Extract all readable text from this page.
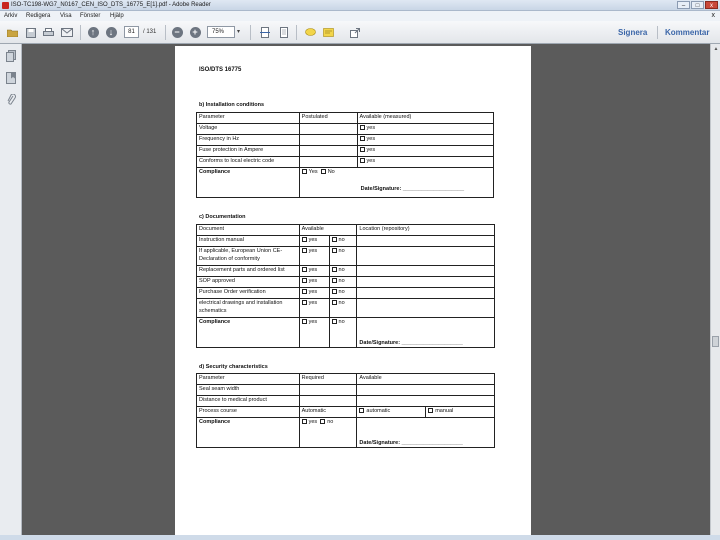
ISO-TC198-WG7_N0167_CEN_ISO_DTS_16775_E[1].pdf - Adobe Reader	–	□	x
Arkiv Redigera Visa Fönster Hjälp	x
↑	↓	81	/ 131	−	+	75%	▾	Signera Kommentar
ISO/DTS 16775
b) Installation conditions
Parameter	Postulated	Available (measured)
Voltage		yes
Frequency in Hz		yes
Fuse protection in Ampere		yes
Conforms to local electric code		yes
Compliance	Yes No
Date/Signature: ____________________	
c) Documentation
Document	Available		Location (repository)
Instruction manual	yes	no	
If applicable, European Union CE-Declaration of conformity	yes	no	
Replacement parts and ordered list	yes	no	
SOP approved	yes	no	
Purchase Order verification	yes	no	
electrical drawings and installation schematics	yes	no	
Compliance	yes	no	Date/Signature: ____________________
d) Security characteristics
Parameter	Required	Available	
Seal seam width			
Distance to medical product			
Process course	Automatic	automatic	manual
Compliance	yes no	Date/Signature: ____________________	
▲
